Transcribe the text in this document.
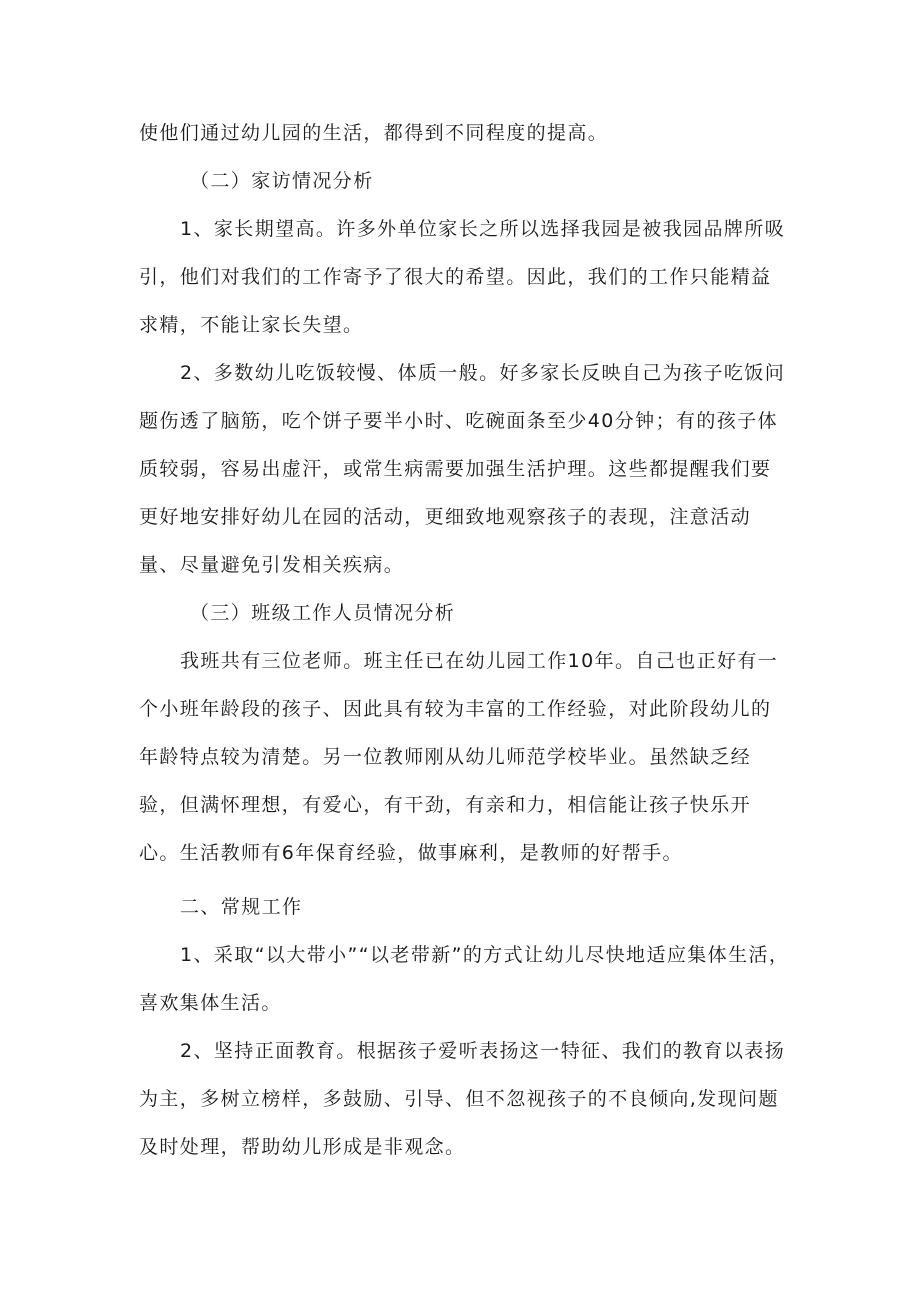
使他们通过幼儿园的生活，都得到不同程度的提高。

（二）家访情况分析

1、家长期望高。许多外单位家长之所以选择我园是被我园品牌所吸引，他们对我们的工作寄予了很大的希望。因此，我们的工作只能精益求精，不能让家长失望。

2、多数幼儿吃饭较慢、体质一般。好多家长反映自己为孩子吃饭问题伤透了脑筋，吃个饼子要半小时、吃碗面条至少40分钟；有的孩子体质较弱，容易出虚汗，或常生病需要加强生活护理。这些都提醒我们要更好地安排好幼儿在园的活动，更细致地观察孩子的表现，注意活动量、尽量避免引发相关疾病。

（三）班级工作人员情况分析

我班共有三位老师。班主任已在幼儿园工作10年。自己也正好有一个小班年龄段的孩子、因此具有较为丰富的工作经验，对此阶段幼儿的年龄特点较为清楚。另一位教师刚从幼儿师范学校毕业。虽然缺乏经验，但满怀理想，有爱心，有干劲，有亲和力，相信能让孩子快乐开心。生活教师有6年保育经验，做事麻利，是教师的好帮手。

二、常规工作

1、采取“以大带小”“以老带新”的方式让幼儿尽快地适应集体生活，喜欢集体生活。

2、坚持正面教育。根据孩子爱听表扬这一特征、我们的教育以表扬为主，多树立榜样，多鼓励、引导、但不忽视孩子的不良倾向,发现问题及时处理，帮助幼儿形成是非观念。
